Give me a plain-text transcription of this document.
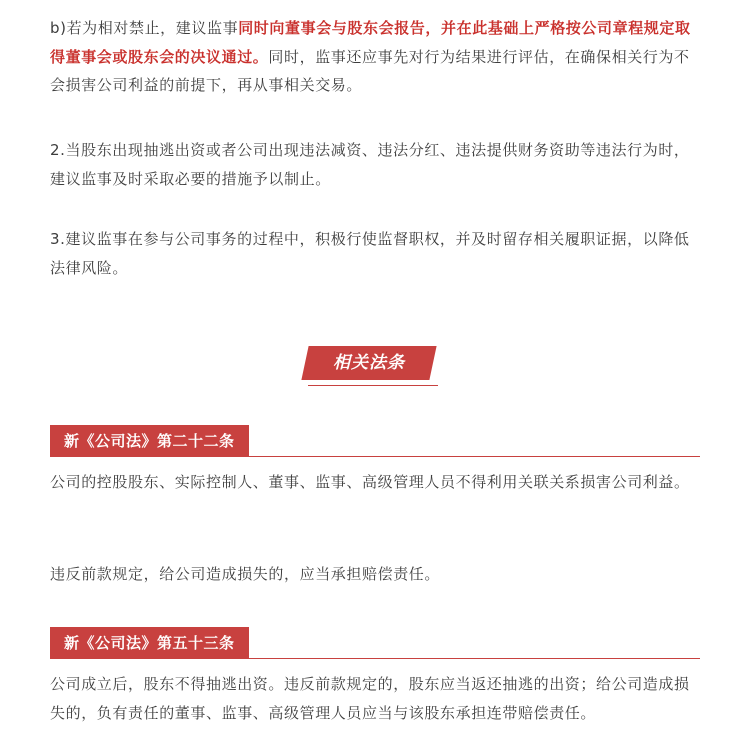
b)若为相对禁止，建议监事同时向董事会与股东会报告，并在此基础上严格按公司章程规定取得董事会或股东会的决议通过。同时，监事还应事先对行为结果进行评估，在确保相关行为不会损害公司利益的前提下，再从事相关交易。

2.当股东出现抽逃出资或者公司出现违法减资、违法分红、违法提供财务资助等违法行为时，建议监事及时采取必要的措施予以制止。

3.建议监事在参与公司事务的过程中，积极行使监督职权，并及时留存相关履职证据，以降低法律风险。

相关法条
新《公司法》第二十二条

公司的控股股东、实际控制人、董事、监事、高级管理人员不得利用关联关系损害公司利益。

违反前款规定，给公司造成损失的，应当承担赔偿责任。

新《公司法》第五十三条

公司成立后，股东不得抽逃出资。违反前款规定的，股东应当返还抽逃的出资；给公司造成损失的，负有责任的董事、监事、高级管理人员应当与该股东承担连带赔偿责任。
